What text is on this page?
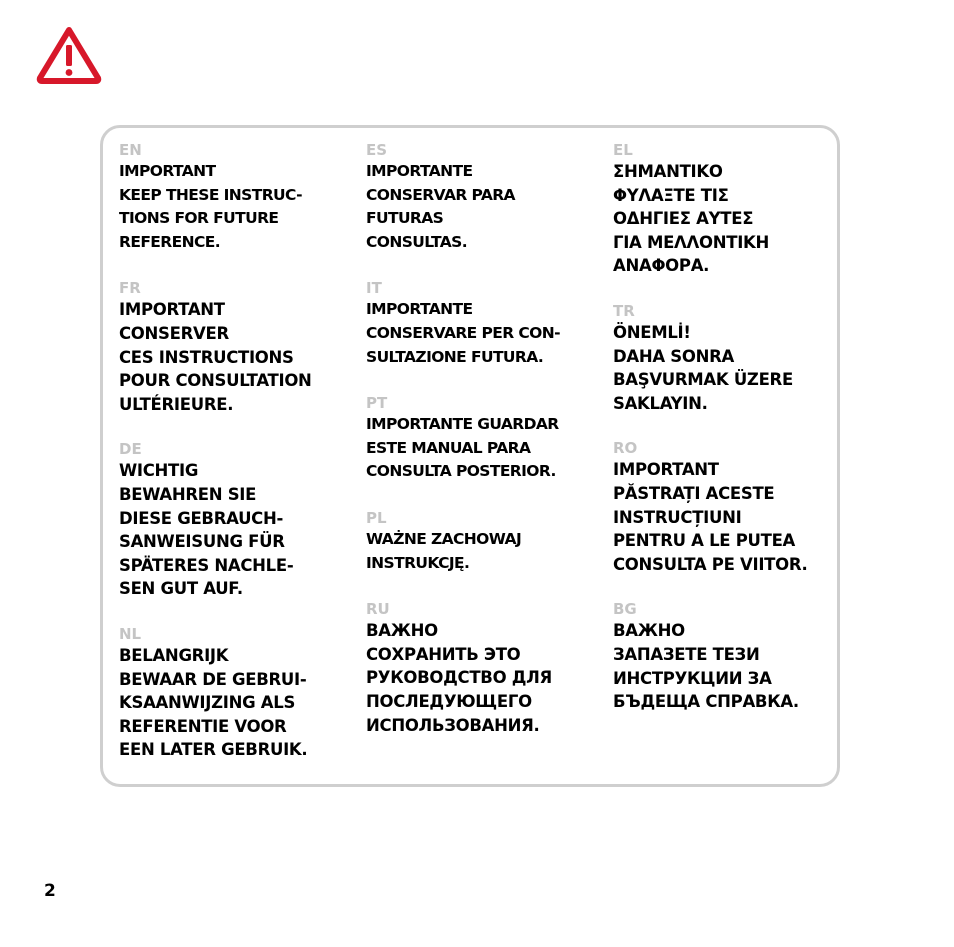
EN
IMPORTANT
KEEP THESE INSTRUC-
TIONS FOR FUTURE
REFERENCE.
FR
IMPORTANT
CONSERVER
CES INSTRUCTIONS
POUR CONSULTATION
ULTÉRIEURE.
DE
WICHTIG
BEWAHREN SIE
DIESE GEBRAUCH-
SANWEISUNG FÜR
SPÄTERES NACHLE-
SEN GUT AUF.
NL
BELANGRIJK
BEWAAR DE GEBRUI-
KSAANWIJZING ALS
REFERENTIE VOOR
EEN LATER GEBRUIK.
ES
IMPORTANTE
CONSERVAR PARA
FUTURAS
CONSULTAS.
IT
IMPORTANTE
CONSERVARE PER CON-
SULTAZIONE FUTURA.
PT
IMPORTANTE GUARDAR
ESTE MANUAL PARA
CONSULTA POSTERIOR.
PL
WAŻNE ZACHOWAJ
INSTRUKCJĘ.
RU
ВАЖНО
СОХРАНИТЬ ЭТО
РУКОВОДСТВО ДЛЯ
ПОСЛЕДУЮЩЕГО
ИСПОЛЬЗОВАНИЯ.
EL
ΣΗΜΑΝΤΙΚΟ
ΦΥΛΑΞΤΕ ΤΙΣ
ΟΔΗΓΙΕΣ ΑΥΤΕΣ
ΓΙΑ ΜΕΛΛΟΝΤΙΚΗ
ΑΝΑΦΟΡΑ.
TR
ÖNEMLİ!
DAHA SONRA
BAŞVURMAK ÜZERE
SAKLAYIN.
RO
IMPORTANT
PĂSTRAȚI ACESTE
INSTRUCȚIUNI
PENTRU A LE PUTEA
CONSULTA PE VIITOR.
BG
ВАЖНО
ЗАПАЗЕТЕ ТЕЗИ
ИНСТРУКЦИИ ЗА
БЪДЕЩА СПРАВКА.
2
